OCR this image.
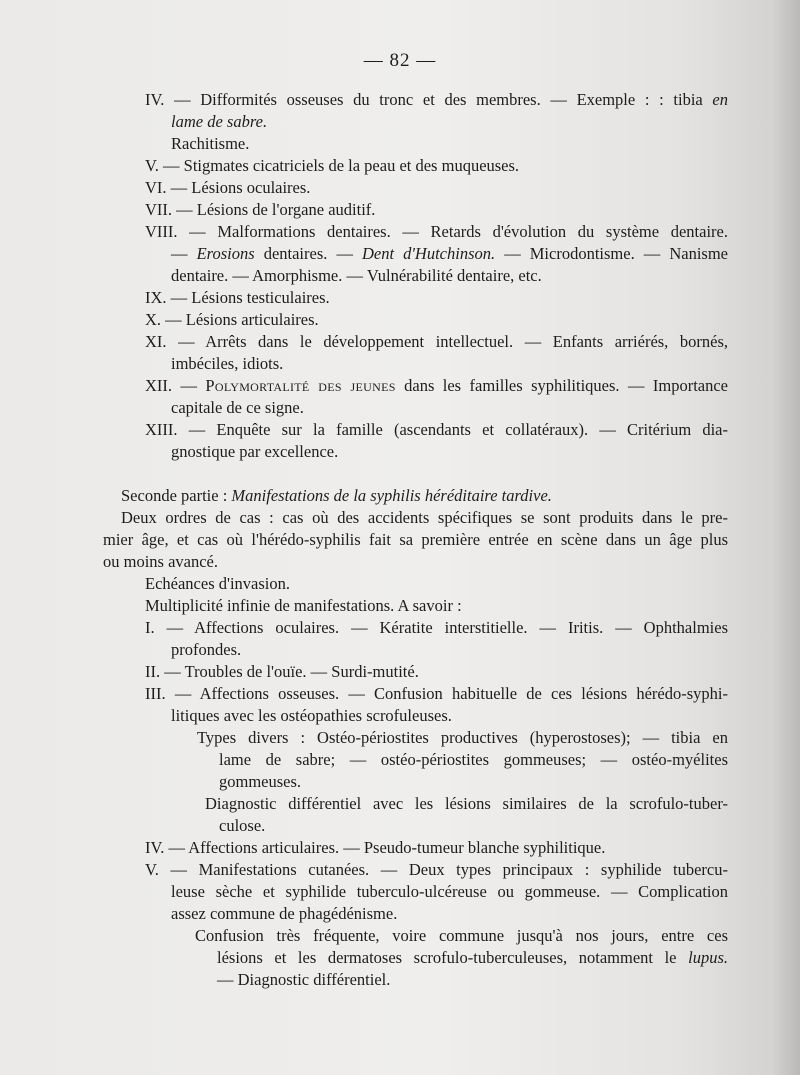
— 82 —
IV. — Difformités osseuses du tronc et des membres. — Exemple : : tibia en
lame de sabre.
Rachitisme.
V. — Stigmates cicatriciels de la peau et des muqueuses.
VI. — Lésions oculaires.
VII. — Lésions de l'organe auditif.
VIII. — Malformations dentaires. — Retards d'évolution du système dentaire.
— Erosions dentaires. — Dent d'Hutchinson. — Microdontisme. — Nanisme
dentaire. — Amorphisme. — Vulnérabilité dentaire, etc.
IX. — Lésions testiculaires.
X. — Lésions articulaires.
XI. — Arrêts dans le développement intellectuel. — Enfants arriérés, bornés,
imbéciles, idiots.
XII. — Polymortalité des jeunes dans les familles syphilitiques. — Importance
capitale de ce signe.
XIII. — Enquête sur la famille (ascendants et collatéraux). — Critérium dia-
gnostique par excellence.
Seconde partie : Manifestations de la syphilis héréditaire tardive.
Deux ordres de cas : cas où des accidents spécifiques se sont produits dans le pre-
mier âge, et cas où l'hérédo-syphilis fait sa première entrée en scène dans un âge plus
ou moins avancé.
Echéances d'invasion.
Multiplicité infinie de manifestations. A savoir :
I. — Affections oculaires. — Kératite interstitielle. — Iritis. — Ophthalmies
profondes.
II. — Troubles de l'ouïe. — Surdi-mutité.
III. — Affections osseuses. — Confusion habituelle de ces lésions hérédo-syphi-
litiques avec les ostéopathies scrofuleuses.
Types divers : Ostéo-périostites productives (hyperostoses); — tibia en
lame de sabre; — ostéo-périostites gommeuses; — ostéo-myélites
gommeuses.
Diagnostic différentiel avec les lésions similaires de la scrofulo-tuber-
culose.
IV. — Affections articulaires. — Pseudo-tumeur blanche syphilitique.
V. — Manifestations cutanées. — Deux types principaux : syphilide tubercu-
leuse sèche et syphilide tuberculo-ulcéreuse ou gommeuse. — Complication
assez commune de phagédénisme.
Confusion très fréquente, voire commune jusqu'à nos jours, entre ces
lésions et les dermatoses scrofulo-tuberculeuses, notamment le lupus.
— Diagnostic différentiel.
